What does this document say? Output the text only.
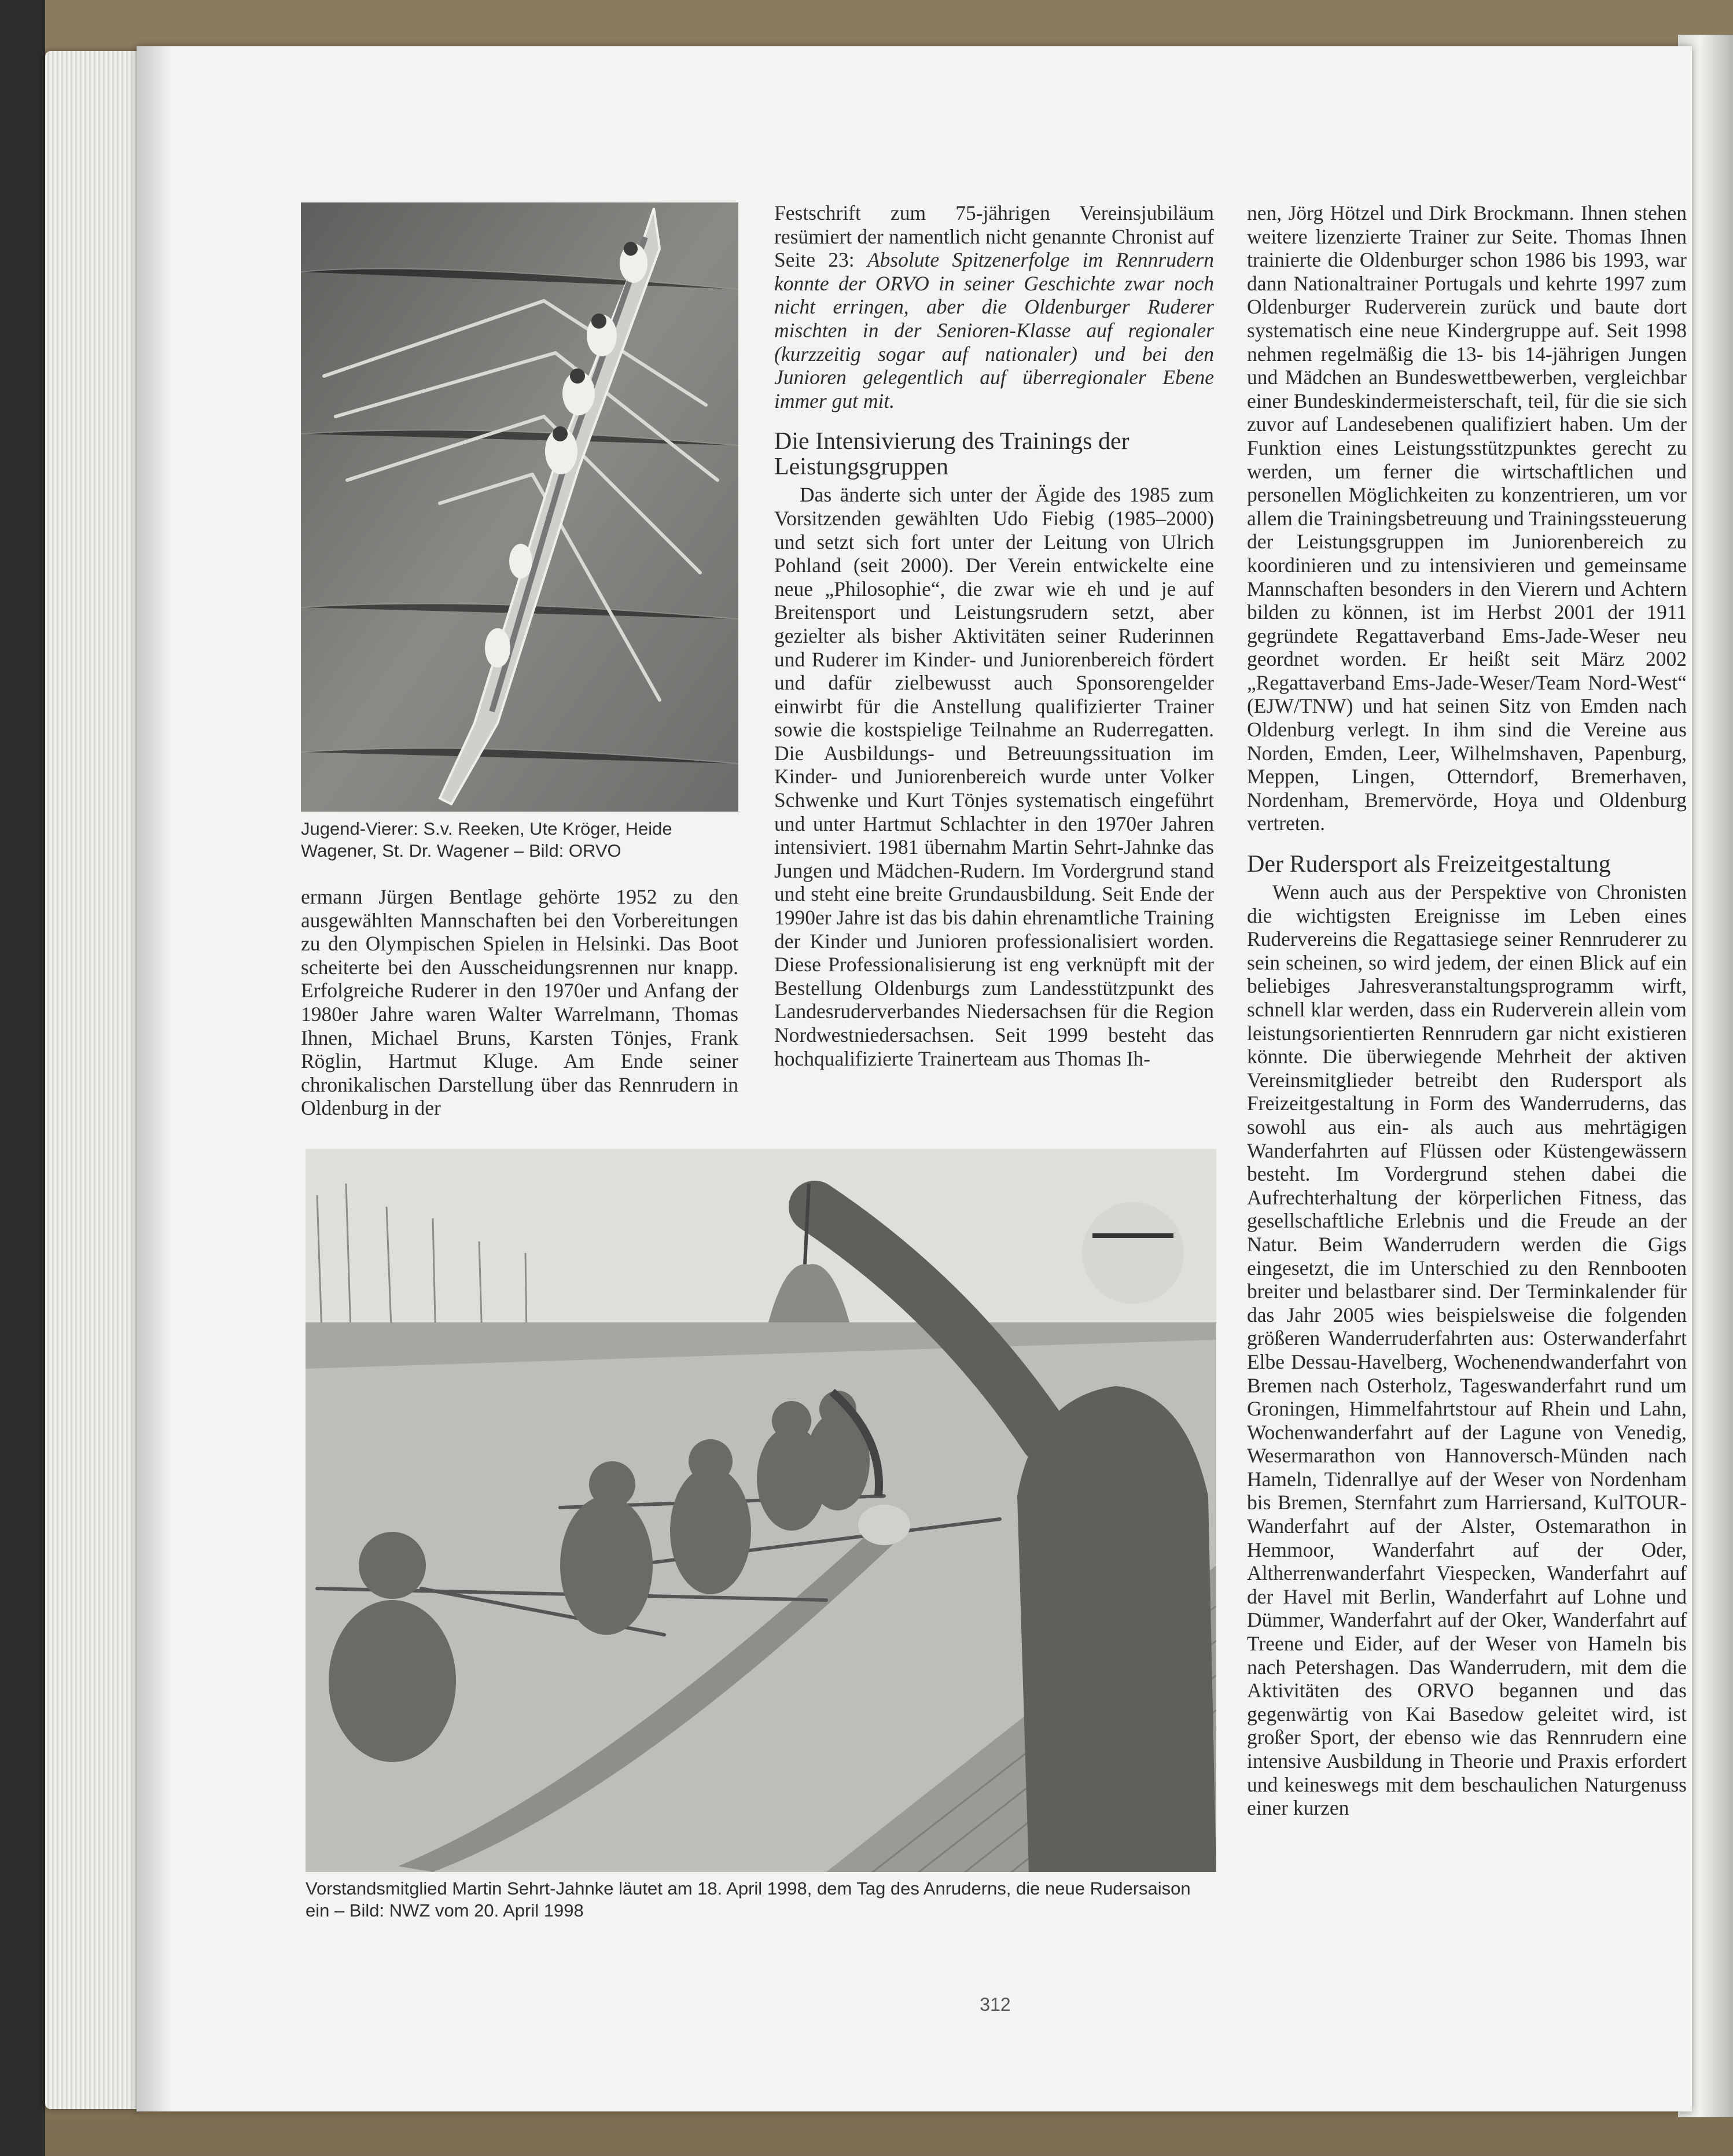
Jugend-Vierer: S.v. Reeken, Ute Kröger, Heide Wagener, St. Dr. Wagener – Bild: ORVO

ermann Jürgen Bentlage gehörte 1952 zu den ausgewählten Mannschaften bei den Vorbereitungen zu den Olympischen Spielen in Helsinki. Das Boot scheiterte bei den Ausscheidungsrennen nur knapp. Erfolgreiche Ruderer in den 1970er und Anfang der 1980er Jahre waren Walter Warrelmann, Thomas Ihnen, Michael Bruns, Karsten Tönjes, Frank Röglin, Hartmut Kluge. Am Ende seiner chronikalischen Darstellung über das Rennrudern in Oldenburg in der

Festschrift zum 75-jährigen Vereinsjubiläum resümiert der namentlich nicht genannte Chronist auf Seite 23: Absolute Spitzenerfolge im Rennrudern konnte der ORVO in seiner Geschichte zwar noch nicht erringen, aber die Oldenburger Ruderer mischten in der Senioren-Klasse auf regionaler (kurzzeitig sogar auf nationaler) und bei den Junioren gelegentlich auf überregionaler Ebene immer gut mit.

Die Intensivierung des Trainings der Leistungsgruppen

Das änderte sich unter der Ägide des 1985 zum Vorsitzenden gewählten Udo Fiebig (1985–2000) und setzt sich fort unter der Leitung von Ulrich Pohland (seit 2000). Der Verein entwickelte eine neue „Philosophie“, die zwar wie eh und je auf Breitensport und Leistungsrudern setzt, aber gezielter als bisher Aktivitäten seiner Ruderinnen und Ruderer im Kinder- und Juniorenbereich fördert und dafür zielbewusst auch Sponsorengelder einwirbt für die Anstellung qualifizierter Trainer sowie die kostspielige Teilnahme an Ruderregatten. Die Ausbildungs- und Betreuungssituation im Kinder- und Juniorenbereich wurde unter Volker Schwenke und Kurt Tönjes systematisch eingeführt und unter Hartmut Schlachter in den 1970er Jahren intensiviert. 1981 übernahm Martin Sehrt-Jahnke das Jungen und Mädchen-Rudern. Im Vordergrund stand und steht eine breite Grundausbildung. Seit Ende der 1990er Jahre ist das bis dahin ehrenamtliche Training der Kinder und Junioren professionalisiert worden. Diese Professionalisierung ist eng verknüpft mit der Bestellung Oldenburgs zum Landesstützpunkt des Landesruderverbandes Niedersachsen für die Region Nordwestniedersachsen. Seit 1999 besteht das hochqualifizierte Trainerteam aus Thomas Ih-

nen, Jörg Hötzel und Dirk Brockmann. Ihnen stehen weitere lizenzierte Trainer zur Seite. Thomas Ihnen trainierte die Oldenburger schon 1986 bis 1993, war dann Nationaltrainer Portugals und kehrte 1997 zum Oldenburger Ruderverein zurück und baute dort systematisch eine neue Kindergruppe auf. Seit 1998 nehmen regelmäßig die 13- bis 14-jährigen Jungen und Mädchen an Bundeswettbewerben, vergleichbar einer Bundeskindermeisterschaft, teil, für die sie sich zuvor auf Landesebenen qualifiziert haben. Um der Funktion eines Leistungsstützpunktes gerecht zu werden, um ferner die wirtschaftlichen und personellen Möglichkeiten zu konzentrieren, um vor allem die Trainingsbetreuung und Trainingssteuerung der Leistungsgruppen im Juniorenbereich zu koordinieren und zu intensivieren und gemeinsame Mannschaften besonders in den Vierern und Achtern bilden zu können, ist im Herbst 2001 der 1911 gegründete Regattaverband Ems-Jade-Weser neu geordnet worden. Er heißt seit März 2002 „Regattaverband Ems-Jade-Weser/Team Nord-West“ (EJW/TNW) und hat seinen Sitz von Emden nach Oldenburg verlegt. In ihm sind die Vereine aus Norden, Emden, Leer, Wilhelmshaven, Papenburg, Meppen, Lingen, Otterndorf, Bremerhaven, Nordenham, Bremervörde, Hoya und Oldenburg vertreten.

Der Rudersport als Freizeitgestaltung

Wenn auch aus der Perspektive von Chronisten die wichtigsten Ereignisse im Leben eines Rudervereins die Regattasiege seiner Rennruderer zu sein scheinen, so wird jedem, der einen Blick auf ein beliebiges Jahresveranstaltungsprogramm wirft, schnell klar werden, dass ein Ruderverein allein vom leistungsorientierten Rennrudern gar nicht existieren könnte. Die überwiegende Mehrheit der aktiven Vereinsmitglieder betreibt den Rudersport als Freizeitgestaltung in Form des Wanderruderns, das sowohl aus ein- als auch aus mehrtägigen Wanderfahrten auf Flüssen oder Küstengewässern besteht. Im Vordergrund stehen dabei die Aufrechterhaltung der körperlichen Fitness, das gesellschaftliche Erlebnis und die Freude an der Natur. Beim Wanderrudern werden die Gigs eingesetzt, die im Unterschied zu den Rennbooten breiter und belastbarer sind. Der Terminkalender für das Jahr 2005 wies beispielsweise die folgenden größeren Wanderruderfahrten aus: Osterwanderfahrt Elbe Dessau-Havelberg, Wochenendwanderfahrt von Bremen nach Osterholz, Tageswanderfahrt rund um Groningen, Himmelfahrtstour auf Rhein und Lahn, Wochenwanderfahrt auf der Lagune von Venedig, Wesermarathon von Hannoversch-Münden nach Hameln, Tidenrallye auf der Weser von Nordenham bis Bremen, Sternfahrt zum Harriersand, KulTOUR-Wanderfahrt auf der Alster, Ostemarathon in Hemmoor, Wanderfahrt auf der Oder, Altherrenwanderfahrt Viespecken, Wanderfahrt auf der Havel mit Berlin, Wanderfahrt auf Lohne und Dümmer, Wanderfahrt auf der Oker, Wanderfahrt auf Treene und Eider, auf der Weser von Hameln bis nach Petershagen. Das Wanderrudern, mit dem die Aktivitäten des ORVO begannen und das gegenwärtig von Kai Basedow geleitet wird, ist großer Sport, der ebenso wie das Rennrudern eine intensive Ausbildung in Theorie und Praxis erfordert und keineswegs mit dem beschaulichen Naturgenuss einer kurzen

Vorstandsmitglied Martin Sehrt-Jahnke läutet am 18. April 1998, dem Tag des Anruderns, die neue Rudersaison ein – Bild: NWZ vom 20. April 1998
312
